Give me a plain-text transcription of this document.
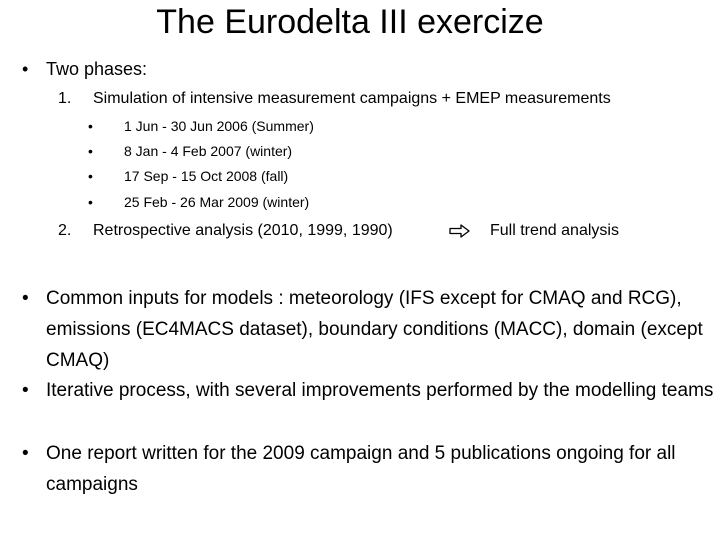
The Eurodelta III exercize
• Two phases:
1. Simulation of intensive measurement campaigns + EMEP measurements
• 1 Jun - 30 Jun 2006 (Summer)
• 8 Jan - 4 Feb 2007 (winter)
• 17 Sep - 15 Oct 2008 (fall)
• 25 Feb - 26 Mar 2009 (winter)
2. Retrospective analysis (2010, 1999, 1990)	Full trend analysis
• Common inputs for models : meteorology (IFS except for CMAQ and RCG), emissions (EC4MACS dataset), boundary conditions (MACC), domain (except CMAQ)
• Iterative process, with several improvements performed by the modelling teams
• One report written for the 2009 campaign and 5 publications ongoing for all campaigns
